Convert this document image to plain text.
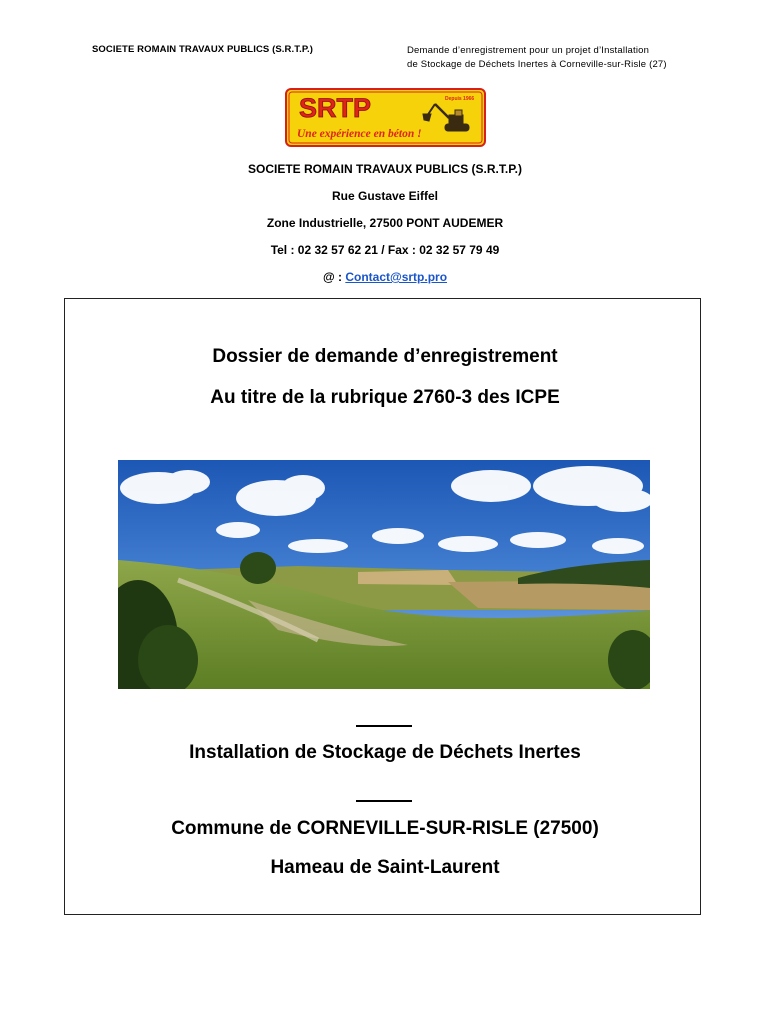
SOCIETE ROMAIN TRAVAUX PUBLICS (S.R.T.P.)	Demande d’enregistrement pour un projet d’Installation
de Stockage de Déchets Inertes à Corneville-sur-Risle (27)
SRTP	Depuis 1966
Une expérience en béton !
SOCIETE ROMAIN TRAVAUX PUBLICS (S.R.T.P.)
Rue Gustave Eiffel
Zone Industrielle, 27500 PONT AUDEMER
Tel : 02 32 57 62 21 / Fax : 02 32 57 79 49
@ : Contact@srtp.pro
Dossier de demande d’enregistrement
Au titre de la rubrique 2760-3 des ICPE
Installation de Stockage de Déchets Inertes
Commune de CORNEVILLE-SUR-RISLE (27500)
Hameau de Saint-Laurent
